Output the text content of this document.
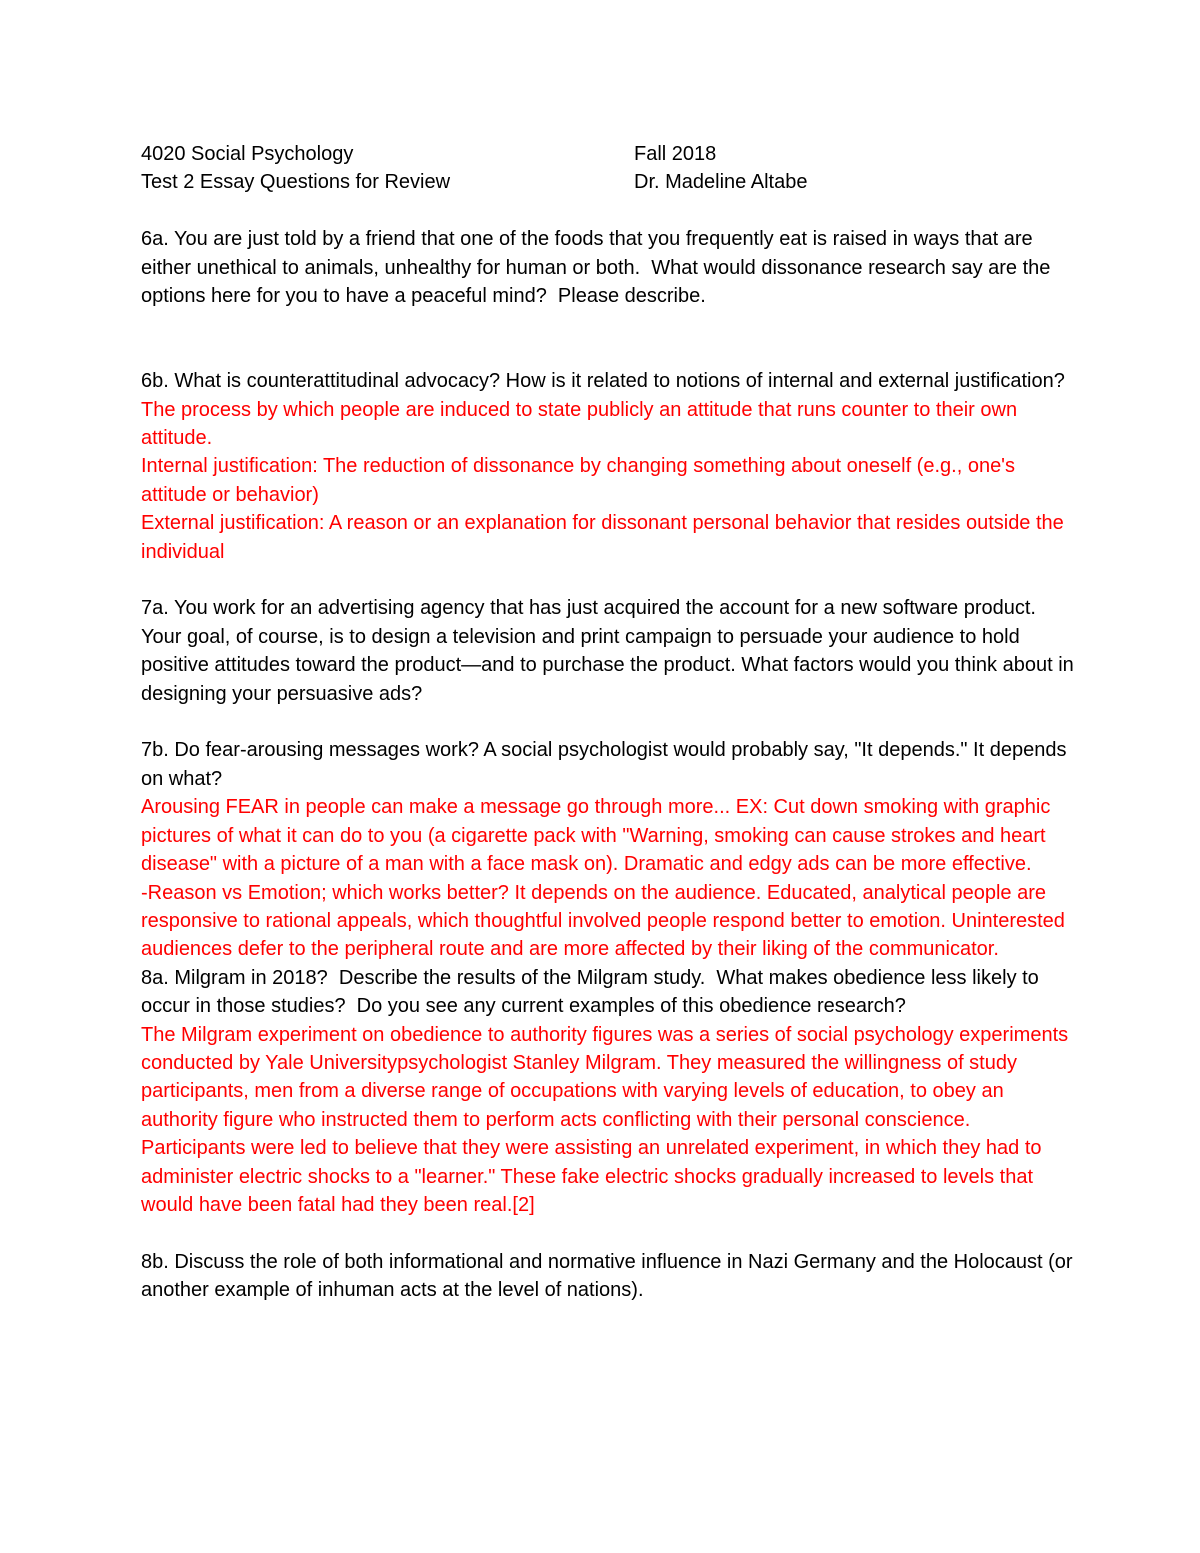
4020 Social Psychology	Fall 2018
Test 2 Essay Questions for Review	Dr. Madeline Altabe
6a. You are just told by a friend that one of the foods that you frequently eat is raised in ways that are either unethical to animals, unhealthy for human or both.  What would dissonance research say are the options here for you to have a peaceful mind?  Please describe.
6b. What is counterattitudinal advocacy? How is it related to notions of internal and external justification?
The process by which people are induced to state publicly an attitude that runs counter to their own attitude.
Internal justification: The reduction of dissonance by changing something about oneself (e.g., one's attitude or behavior)
External justification: A reason or an explanation for dissonant personal behavior that resides outside the individual
7a. You work for an advertising agency that has just acquired the account for a new software product. Your goal, of course, is to design a television and print campaign to persuade your audience to hold positive attitudes toward the product—and to purchase the product. What factors would you think about in designing your persuasive ads?
7b. Do fear-arousing messages work? A social psychologist would probably say, "It depends." It depends on what?
Arousing FEAR in people can make a message go through more... EX: Cut down smoking with graphic pictures of what it can do to you (a cigarette pack with "Warning, smoking can cause strokes and heart disease" with a picture of a man with a face mask on). Dramatic and edgy ads can be more effective.
-Reason vs Emotion; which works better? It depends on the audience. Educated, analytical people are responsive to rational appeals, which thoughtful involved people respond better to emotion. Uninterested audiences defer to the peripheral route and are more affected by their liking of the communicator.
8a. Milgram in 2018?  Describe the results of the Milgram study.  What makes obedience less likely to occur in those studies?  Do you see any current examples of this obedience research?
The Milgram experiment on obedience to authority figures was a series of social psychology experiments conducted by Yale Universitypsychologist Stanley Milgram. They measured the willingness of study participants, men from a diverse range of occupations with varying levels of education, to obey an authority figure who instructed them to perform acts conflicting with their personal conscience. Participants were led to believe that they were assisting an unrelated experiment, in which they had to administer electric shocks to a "learner." These fake electric shocks gradually increased to levels that would have been fatal had they been real.[2]
8b. Discuss the role of both informational and normative influence in Nazi Germany and the Holocaust (or another example of inhuman acts at the level of nations).
